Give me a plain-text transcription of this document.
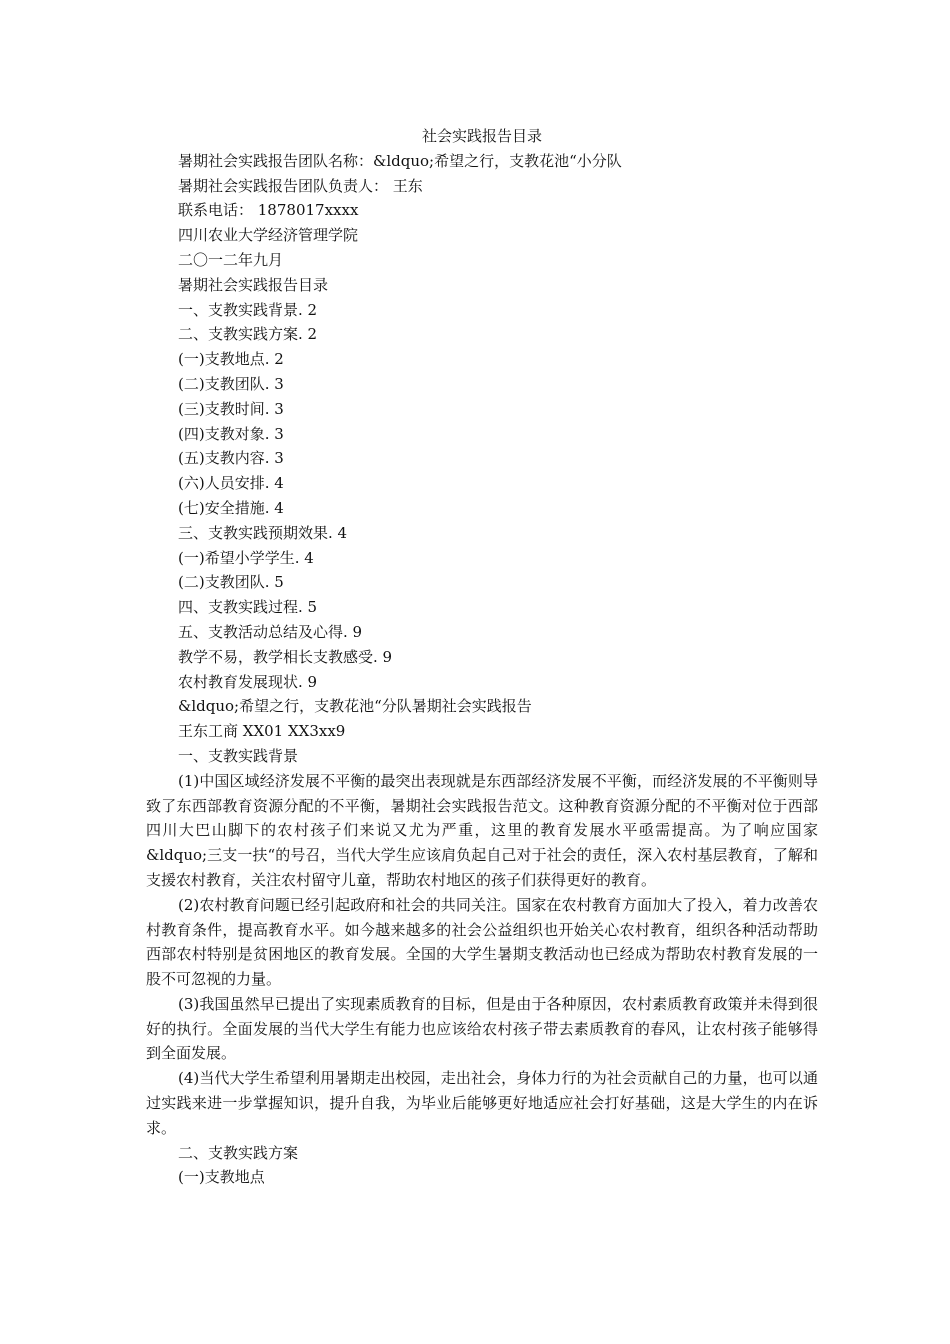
社会实践报告目录

暑期社会实践报告团队名称：&ldquo;希望之行，支教花池“小分队

暑期社会实践报告团队负责人： 王东

联系电话： 1878017xxxx

四川农业大学经济管理学院

二〇一二年九月

暑期社会实践报告目录

一、支教实践背景. 2

二、支教实践方案. 2

(一)支教地点. 2

(二)支教团队. 3

(三)支教时间. 3

(四)支教对象. 3

(五)支教内容. 3

(六)人员安排. 4

(七)安全措施. 4

三、支教实践预期效果. 4

(一)希望小学学生. 4

(二)支教团队. 5

四、支教实践过程. 5

五、支教活动总结及心得. 9

教学不易，教学相长支教感受. 9

农村教育发展现状. 9

&ldquo;希望之行，支教花池“分队暑期社会实践报告

王东工商 XX01 XX3xx9

一、支教实践背景

(1)中国区域经济发展不平衡的最突出表现就是东西部经济发展不平衡，而经济发展的不平衡则导致了东西部教育资源分配的不平衡，暑期社会实践报告范文。这种教育资源分配的不平衡对位于西部四川大巴山脚下的农村孩子们来说又尤为严重，这里的教育发展水平亟需提高。为了响应国家&ldquo;三支一扶“的号召，当代大学生应该肩负起自己对于社会的责任，深入农村基层教育，了解和支援农村教育，关注农村留守儿童，帮助农村地区的孩子们获得更好的教育。

(2)农村教育问题已经引起政府和社会的共同关注。国家在农村教育方面加大了投入，着力改善农村教育条件，提高教育水平。如今越来越多的社会公益组织也开始关心农村教育，组织各种活动帮助西部农村特别是贫困地区的教育发展。全国的大学生暑期支教活动也已经成为帮助农村教育发展的一股不可忽视的力量。

(3)我国虽然早已提出了实现素质教育的目标，但是由于各种原因，农村素质教育政策并未得到很好的执行。全面发展的当代大学生有能力也应该给农村孩子带去素质教育的春风，让农村孩子能够得到全面发展。

(4)当代大学生希望利用暑期走出校园，走出社会，身体力行的为社会贡献自己的力量，也可以通过实践来进一步掌握知识，提升自我，为毕业后能够更好地适应社会打好基础，这是大学生的内在诉求。

二、支教实践方案

(一)支教地点
